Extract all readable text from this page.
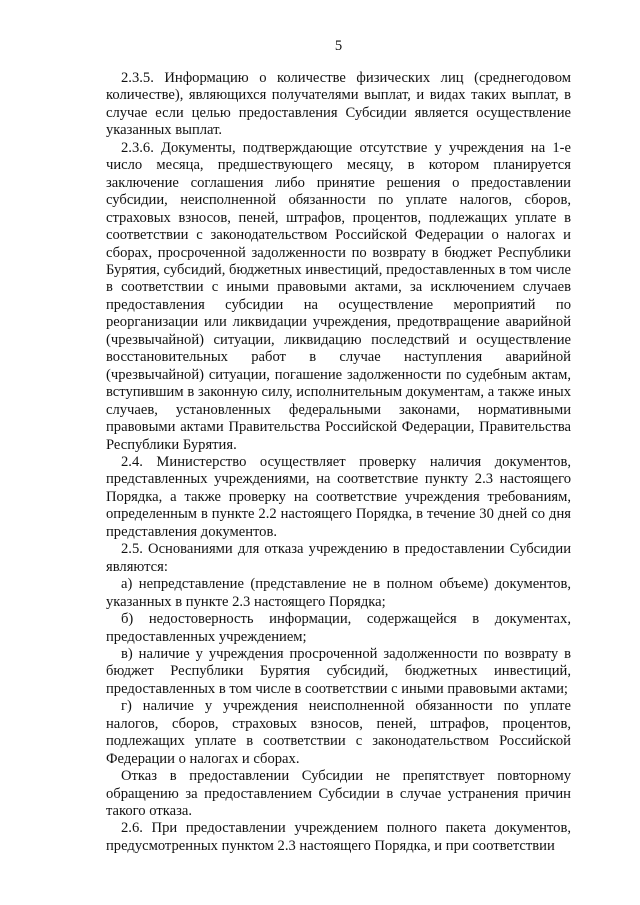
5

2.3.5. Информацию о количестве физических лиц (среднегодовом количестве), являющихся получателями выплат, и видах таких выплат, в случае если целью предоставления Субсидии является осуществление указанных выплат.

2.3.6. Документы, подтверждающие отсутствие у учреждения на 1-е число месяца, предшествующего месяцу, в котором планируется заключение соглашения либо принятие решения о предоставлении субсидии, неисполненной обязанности по уплате налогов, сборов, страховых взносов, пеней, штрафов, процентов, подлежащих уплате в соответствии с законодательством Российской Федерации о налогах и сборах, просроченной задолженности по возврату в бюджет Республики Бурятия, субсидий, бюджетных инвестиций, предоставленных в том числе в соответствии с иными правовыми актами, за исключением случаев предоставления субсидии на осуществление мероприятий по реорганизации или ликвидации учреждения, предотвращение аварийной (чрезвычайной) ситуации, ликвидацию последствий и осуществление восстановительных работ в случае наступления аварийной (чрезвычайной) ситуации, погашение задолженности по судебным актам, вступившим в законную силу, исполнительным документам, а также иных случаев, установленных федеральными законами, нормативными правовыми актами Правительства Российской Федерации, Правительства Республики Бурятия.

2.4. Министерство осуществляет проверку наличия документов, представленных учреждениями, на соответствие пункту 2.3 настоящего Порядка, а также проверку на соответствие учреждения требованиям, определенным в пункте 2.2 настоящего Порядка, в течение 30 дней со дня представления документов.

2.5. Основаниями для отказа учреждению в предоставлении Субсидии являются:

а) непредставление (представление не в полном объеме) документов, указанных в пункте 2.3 настоящего Порядка;

б) недостоверность информации, содержащейся в документах, предоставленных учреждением;

в) наличие у учреждения просроченной задолженности по возврату в бюджет Республики Бурятия субсидий, бюджетных инвестиций, предоставленных в том числе в соответствии с иными правовыми актами;

г) наличие у учреждения неисполненной обязанности по уплате налогов, сборов, страховых взносов, пеней, штрафов, процентов, подлежащих уплате в соответствии с законодательством Российской Федерации о налогах и сборах.

Отказ в предоставлении Субсидии не препятствует повторному обращению за предоставлением Субсидии в случае устранения причин такого отказа.

2.6. При предоставлении учреждением полного пакета документов, предусмотренных пунктом 2.3 настоящего Порядка, и при соответствии
